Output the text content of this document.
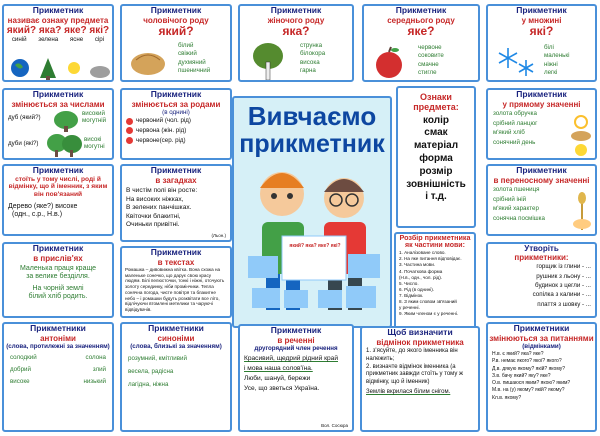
Прикметник
називає ознаку предмета
який? яка? яке? які?
синій зелена ясне сірі
Прикметник
чоловічого роду
який?
білий
свіжий
духмяний
пшеничний
Прикметник
жіночого роду
яка?
струнка
білокора
висока
гарна
Прикметник
середнього роду
яке?
червоне
соковите
смачне
стигле
Прикметник
у множині
які?
білі
маленькі
ніжні
легкі
Прикметник
змінюється за числами
дуб (який?)
високий могутній
дуби (які?)
високі могутні
Прикметник
змінюється за родами
(в однині)
червоний (чол. рід)
червона (жін. рід)
червоне(сер. рід)
Вивчаємо
прикметник
який? яка? яке? які?
Ознаки предмета:
колір
смак
матеріал
форма
розмір
зовнішність
і т.д.
Прикметник
у прямому значенні
золота обручка
срібний ланцюг
м'який хліб
сонячний день
Прикметник
стоїть у тому числі, роді й відмінку, що й іменник, з яким він пов'язаний
Дерево (яке?) високе
(одн., с.р., Н.в.)
Прикметник
в загадках
В чистім полі він росте:
На високих ніжках,
В зелених панчішках.
Квіточки блакитні,
Очиньки привітні.
(Льон.)	Розбір прикметника
як частини мови:
1. Аналізоване слово.
2. На яке питання відповідає.
3. Частина мови.
4. Початкова форма
(Н.в., одн., чол. рід).
5. Число.
6. Рід (в однині).
7. Відмінок.
8. З яким словом зв'язаний
у реченні.
9. Яким членом є у реченні.
Прикметник
в переносному значенні
золота пшениця
срібний іній
м'який характер
сонячна посмішка
Прикметник
в прислів'ях
Маленька праця краще
за велике безділля.
На чорній землі
білий хліб родить.
Прикметник
в текстах
Ромашка – дивовижна квітка. Вона схожа на маленьке сонечко, що дарує свою красу людям. Білі пелюсточки, тонкі і ніжні, оточують золоту серединку, ніби промінчики. Тепла сонячна погода, чисте повітря та блакитне небо – і ромашки будуть розквітати все літо, відлічуючи втомлені метелики та чаруючі відвідувачів.
Утворіть
прикметники:
горщик із глини - ...
рушник з льону - ...
будинок з цегли - ...
сопілка з калини - ...
плаття з шовку - ...
Прикметники
антоніми
(слова, протилежні за значенням)
солодкий	солона
добрий	злий
високе	низький
Прикметники
синоніми
(слова, близькі за значенням)
розумний, кмітливий
весела, радісна
лагідна, ніжна
Прикметник
в реченні
другорядний член речення
Красивий, щедрий рідний край
і мова наша солов'їна.
Люби, шануй, бережи
Усе, що зветься Україна.
Вол. Сосюра
Щоб визначити
відмінок прикметника
1. з'ясуйте, до якого іменника він належить;
2. визначте відмінок іменника (а прикметник завжди стоїть у тому ж відмінку, що й іменник)
Землів вкрилася білим снігом.
Прикметники
змінюються за питаннями
(відмінками)
Н.в. є який? яка? яке?
Р.в. немає якого? якої? якого?
Д.в. дякую якому? якій? якому?
З.в. бачу який? яку? яке?
О.в. пишаюся яким? якою? яким?
М.в. на (у) якому? якій? якому?
Кл.в. якому?
